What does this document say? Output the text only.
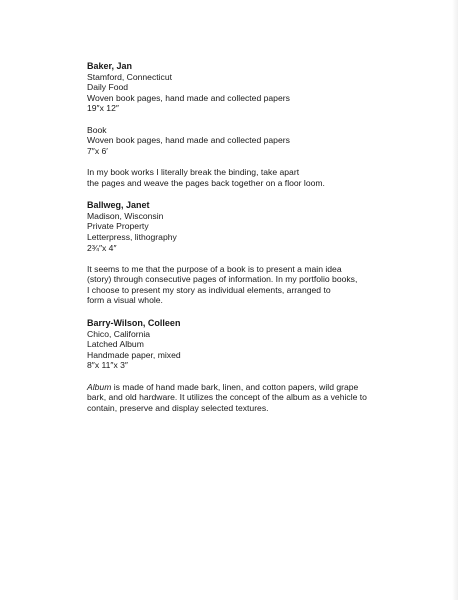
Baker, Jan
Stamford, Connecticut
Daily Food
Woven book pages, hand made and collected papers
19″x 12″
Book
Woven book pages, hand made and collected papers
7″x 6′
In my book works I literally break the binding, take apart
the pages and weave the pages back together on a floor loom.
Ballweg, Janet
Madison, Wisconsin
Private Property
Letterpress, lithography
2¾″x 4″
It seems to me that the purpose of a book is to present a main idea
(story) through consecutive pages of information. In my portfolio books,
I choose to present my story as individual elements, arranged to
form a visual whole.
Barry-Wilson, Colleen
Chico, California
Latched Album
Handmade paper, mixed
8″x 11″x 3″
Album is made of hand made bark, linen, and cotton papers, wild grape
bark, and old hardware. It utilizes the concept of the album as a vehicle to
contain, preserve and display selected textures.
